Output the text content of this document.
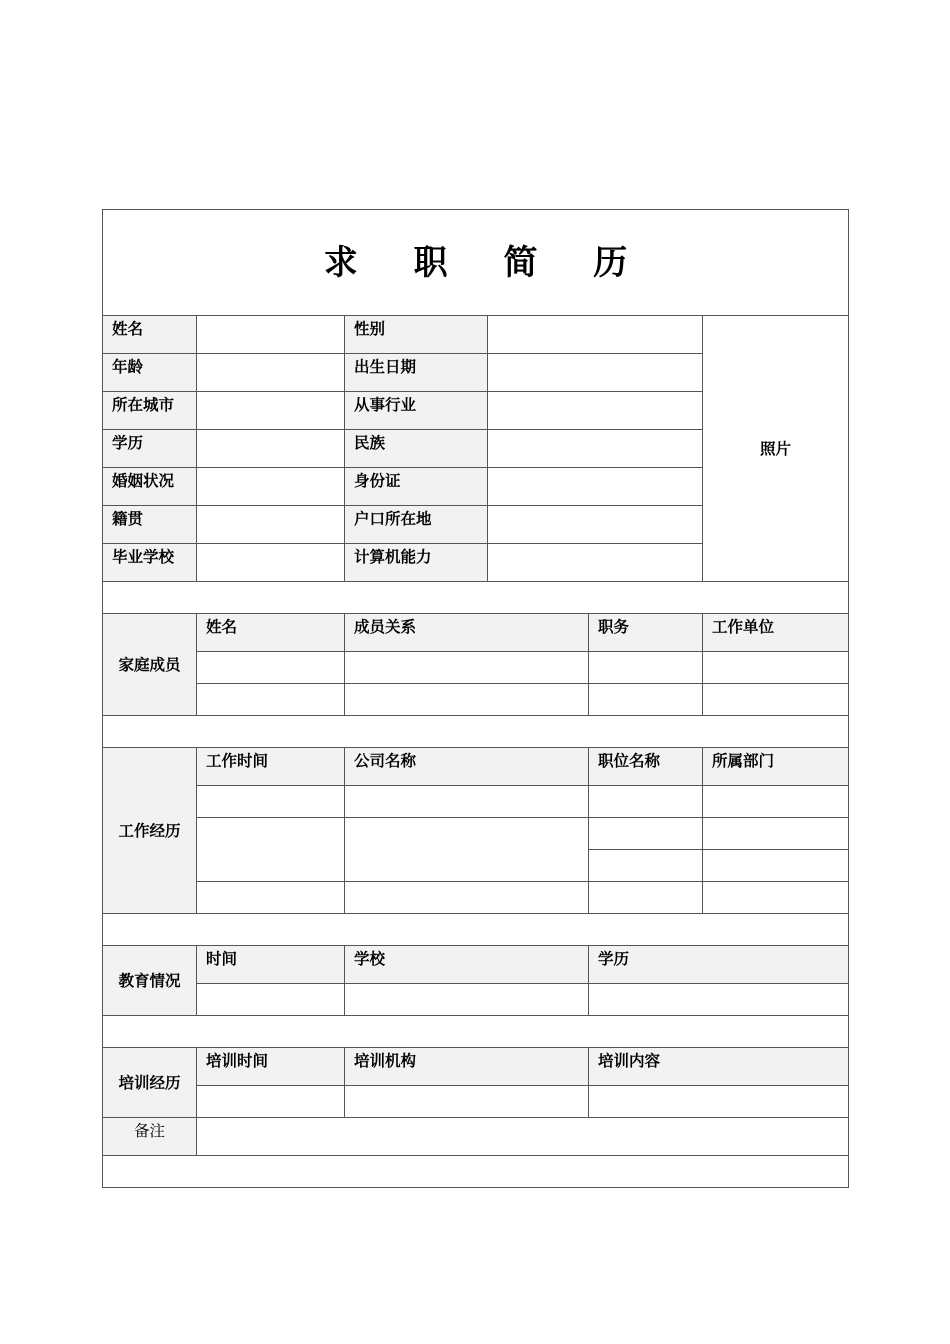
求 职 简 历					
姓名		性别			照片
年龄		出生日期			
所在城市		从事行业			
学历		民族			
婚姻状况		身份证			
籍贯		户口所在地			
毕业学校		计算机能力			

家庭成员	姓名	成员关系		职务	工作单位

工作经历	工作时间	公司名称		职位名称	所属部门

教育情况	时间	学校		学历	

培训经历	培训时间	培训机构		培训内容	

备注					
